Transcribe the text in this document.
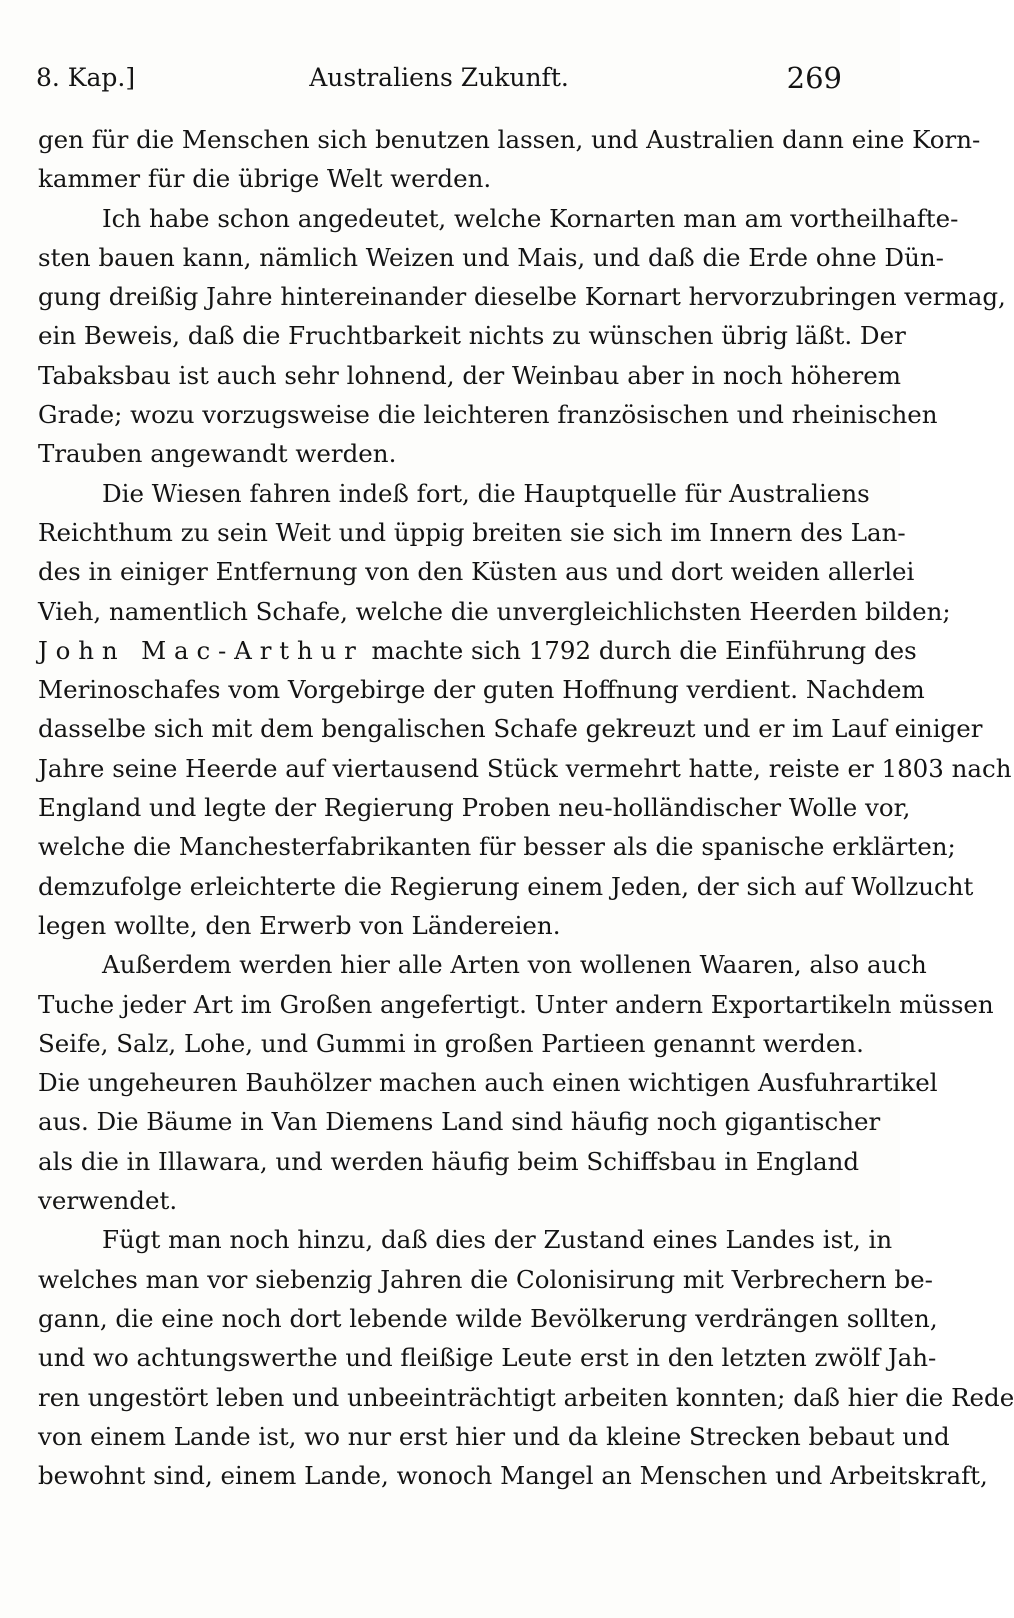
8. Kap.]	Australiens Zukunft.	269
gen für die Menschen sich benutzen lassen, und Australien dann eine Korn-
kammer für die übrige Welt werden.
Ich habe schon angedeutet, welche Kornarten man am vortheilhafte-
sten bauen kann, nämlich Weizen und Mais, und daß die Erde ohne Dün-
gung dreißig Jahre hintereinander dieselbe Kornart hervorzubringen vermag,
ein Beweis, daß die Fruchtbarkeit nichts zu wünschen übrig läßt. Der
Tabaksbau ist auch sehr lohnend, der Weinbau aber in noch höherem
Grade; wozu vorzugsweise die leichteren französischen und rheinischen
Trauben angewandt werden.
Die Wiesen fahren indeß fort, die Hauptquelle für Australiens
Reichthum zu sein Weit und üppig breiten sie sich im Innern des Lan-
des in einiger Entfernung von den Küsten aus und dort weiden allerlei
Vieh, namentlich Schafe, welche die unvergleichlichsten Heerden bilden;
John Mac-Arthur machte sich 1792 durch die Einführung des
Merinoschafes vom Vorgebirge der guten Hoffnung verdient. Nachdem
dasselbe sich mit dem bengalischen Schafe gekreuzt und er im Lauf einiger
Jahre seine Heerde auf viertausend Stück vermehrt hatte, reiste er 1803 nach
England und legte der Regierung Proben neu-holländischer Wolle vor,
welche die Manchesterfabrikanten für besser als die spanische erklärten;
demzufolge erleichterte die Regierung einem Jeden, der sich auf Wollzucht
legen wollte, den Erwerb von Ländereien.
Außerdem werden hier alle Arten von wollenen Waaren, also auch
Tuche jeder Art im Großen angefertigt. Unter andern Exportartikeln müssen
Seife, Salz, Lohe, und Gummi in großen Partieen genannt werden.
Die ungeheuren Bauhölzer machen auch einen wichtigen Ausfuhrartikel
aus. Die Bäume in Van Diemens Land sind häufig noch gigantischer
als die in Illawara, und werden häufig beim Schiffsbau in England
verwendet.
Fügt man noch hinzu, daß dies der Zustand eines Landes ist, in
welches man vor siebenzig Jahren die Colonisirung mit Verbrechern be-
gann, die eine noch dort lebende wilde Bevölkerung verdrängen sollten,
und wo achtungswerthe und fleißige Leute erst in den letzten zwölf Jah-
ren ungestört leben und unbeeinträchtigt arbeiten konnten; daß hier die Rede
von einem Lande ist, wo nur erst hier und da kleine Strecken bebaut und
bewohnt sind, einem Lande, wonoch Mangel an Menschen und Arbeitskraft,
